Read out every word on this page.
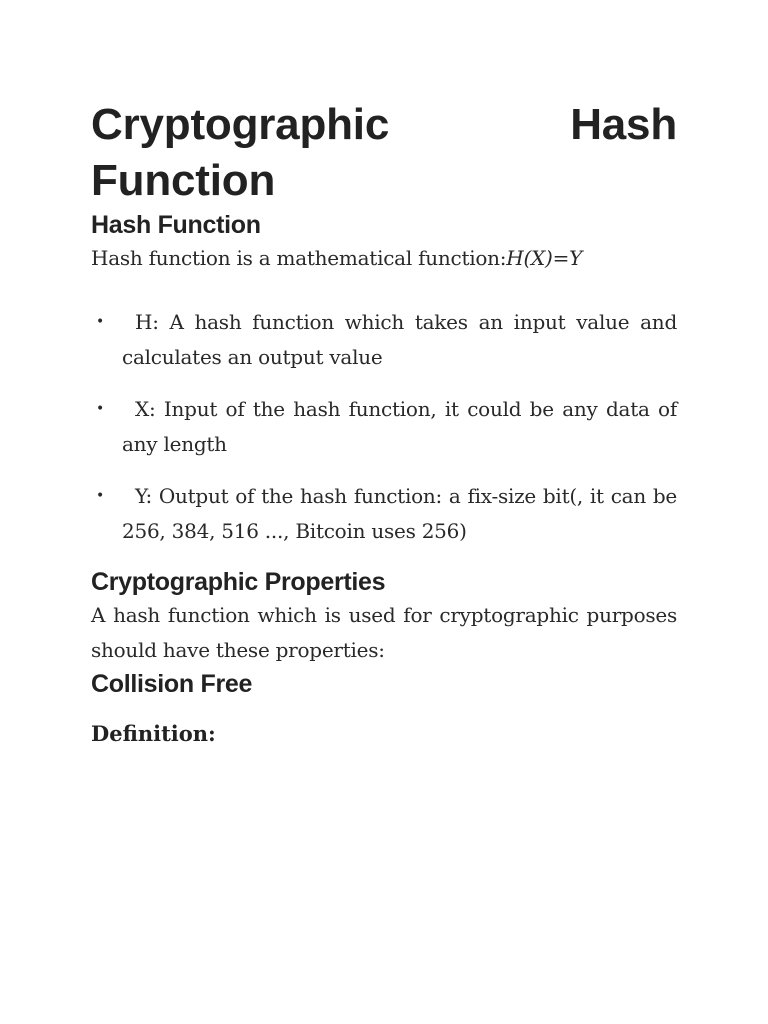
Cryptographic Hash Function
Hash Function

Hash function is a mathematical function:H(X)=Y

• H: A hash function which takes an input value and calculates an output value
• X: Input of the hash function, it could be any data of any length
• Y: Output of the hash function: a fix-size bit(, it can be 256, 384, 516 ..., Bitcoin uses 256)
Cryptographic Properties

A hash function which is used for cryptographic purposes should have these properties:

Collision Free

Definition:
